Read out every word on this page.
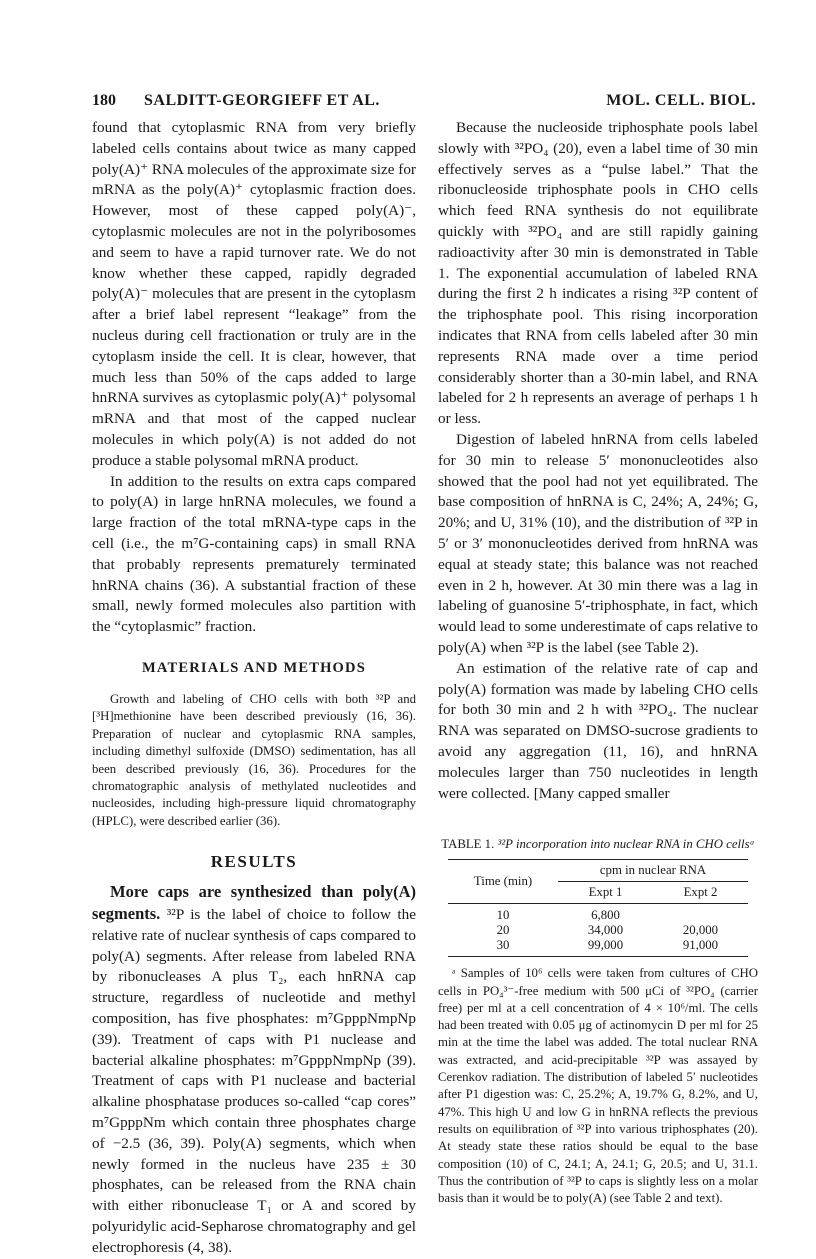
180 SALDITT-GEORGIEFF ET AL.	MOL. CELL. BIOL.

found that cytoplasmic RNA from very briefly labeled cells contains about twice as many capped poly(A)⁺ RNA molecules of the approximate size for mRNA as the poly(A)⁺ cytoplasmic fraction does. However, most of these capped poly(A)⁻, cytoplasmic molecules are not in the polyribosomes and seem to have a rapid turnover rate. We do not know whether these capped, rapidly degraded poly(A)⁻ molecules that are present in the cytoplasm after a brief label represent “leakage” from the nucleus during cell fractionation or truly are in the cytoplasm inside the cell. It is clear, however, that much less than 50% of the caps added to large hnRNA survives as cytoplasmic poly(A)⁺ polysomal mRNA and that most of the capped nuclear molecules in which poly(A) is not added do not produce a stable polysomal mRNA product.

In addition to the results on extra caps compared to poly(A) in large hnRNA molecules, we found a large fraction of the total mRNA-type caps in the cell (i.e., the m⁷G-containing caps) in small RNA that probably represents prematurely terminated hnRNA chains (36). A substantial fraction of these small, newly formed molecules also partition with the “cytoplasmic” fraction.

MATERIALS AND METHODS

Growth and labeling of CHO cells with both ³²P and [³H]methionine have been described previously (16, 36). Preparation of nuclear and cytoplasmic RNA samples, including dimethyl sulfoxide (DMSO) sedimentation, has all been described previously (16, 36). Procedures for the chromatographic analysis of methylated nucleotides and nucleosides, including high-pressure liquid chromatography (HPLC), were described earlier (36).

RESULTS

More caps are synthesized than poly(A) segments. ³²P is the label of choice to follow the relative rate of nuclear synthesis of caps compared to poly(A) segments. After release from labeled RNA by ribonucleases A plus T₂, each hnRNA cap structure, regardless of nucleotide and methyl composition, has five phosphates: m⁷GpppNmpNp (39). Treatment of caps with P1 nuclease and bacterial alkaline phosphates: m⁷GpppNmpNp (39). Treatment of caps with P1 nuclease and bacterial alkaline phosphatase produces so-called “cap cores” m⁷GpppNm which contain three phosphates charge of −2.5 (36, 39). Poly(A) segments, which when newly formed in the nucleus have 235 ± 30 phosphates, can be released from the RNA chain with either ribonuclease T₁ or A and scored by polyuridylic acid-Sepharose chromatography and gel electrophoresis (4, 38).

Because the nucleoside triphosphate pools label slowly with ³²PO₄ (20), even a label time of 30 min effectively serves as a “pulse label.” That the ribonucleoside triphosphate pools in CHO cells which feed RNA synthesis do not equilibrate quickly with ³²PO₄ and are still rapidly gaining radioactivity after 30 min is demonstrated in Table 1. The exponential accumulation of labeled RNA during the first 2 h indicates a rising ³²P content of the triphosphate pool. This rising incorporation indicates that RNA from cells labeled after 30 min represents RNA made over a time period considerably shorter than a 30-min label, and RNA labeled for 2 h represents an average of perhaps 1 h or less.

Digestion of labeled hnRNA from cells labeled for 30 min to release 5′ mononucleotides also showed that the pool had not yet equilibrated. The base composition of hnRNA is C, 24%; A, 24%; G, 20%; and U, 31% (10), and the distribution of ³²P in 5′ or 3′ mononucleotides derived from hnRNA was equal at steady state; this balance was not reached even in 2 h, however. At 30 min there was a lag in labeling of guanosine 5′-triphosphate, in fact, which would lead to some underestimate of caps relative to poly(A) when ³²P is the label (see Table 2).

An estimation of the relative rate of cap and poly(A) formation was made by labeling CHO cells for both 30 min and 2 h with ³²PO₄. The nuclear RNA was separated on DMSO-sucrose gradients to avoid any aggregation (11, 16), and hnRNA molecules larger than 750 nucleotides in length were collected. [Many capped smaller

TABLE 1. ³²P incorporation into nuclear RNA in CHO cellsᵃ
Time (min)	cpm in nuclear RNA	
	Expt 1	Expt 2
10	6,800	
20	34,000	20,000
30	99,000	91,000

ᵃ Samples of 10⁶ cells were taken from cultures of CHO cells in PO₄³⁻-free medium with 500 μCi of ³²PO₄ (carrier free) per ml at a cell concentration of 4 × 10⁶/ml. The cells had been treated with 0.05 μg of actinomycin D per ml for 25 min at the time the label was added. The total nuclear RNA was extracted, and acid-precipitable ³²P was assayed by Cerenkov radiation. The distribution of labeled 5′ nucleotides after P1 digestion was: C, 25.2%; A, 19.7% G, 8.2%, and U, 47%. This high U and low G in hnRNA reflects the previous results on equilibration of ³²P into various triphosphates (20). At steady state these ratios should be equal to the base composition (10) of C, 24.1; A, 24.1; G, 20.5; and U, 31.1. Thus the contribution of ³²P to caps is slightly less on a molar basis than it would be to poly(A) (see Table 2 and text).
